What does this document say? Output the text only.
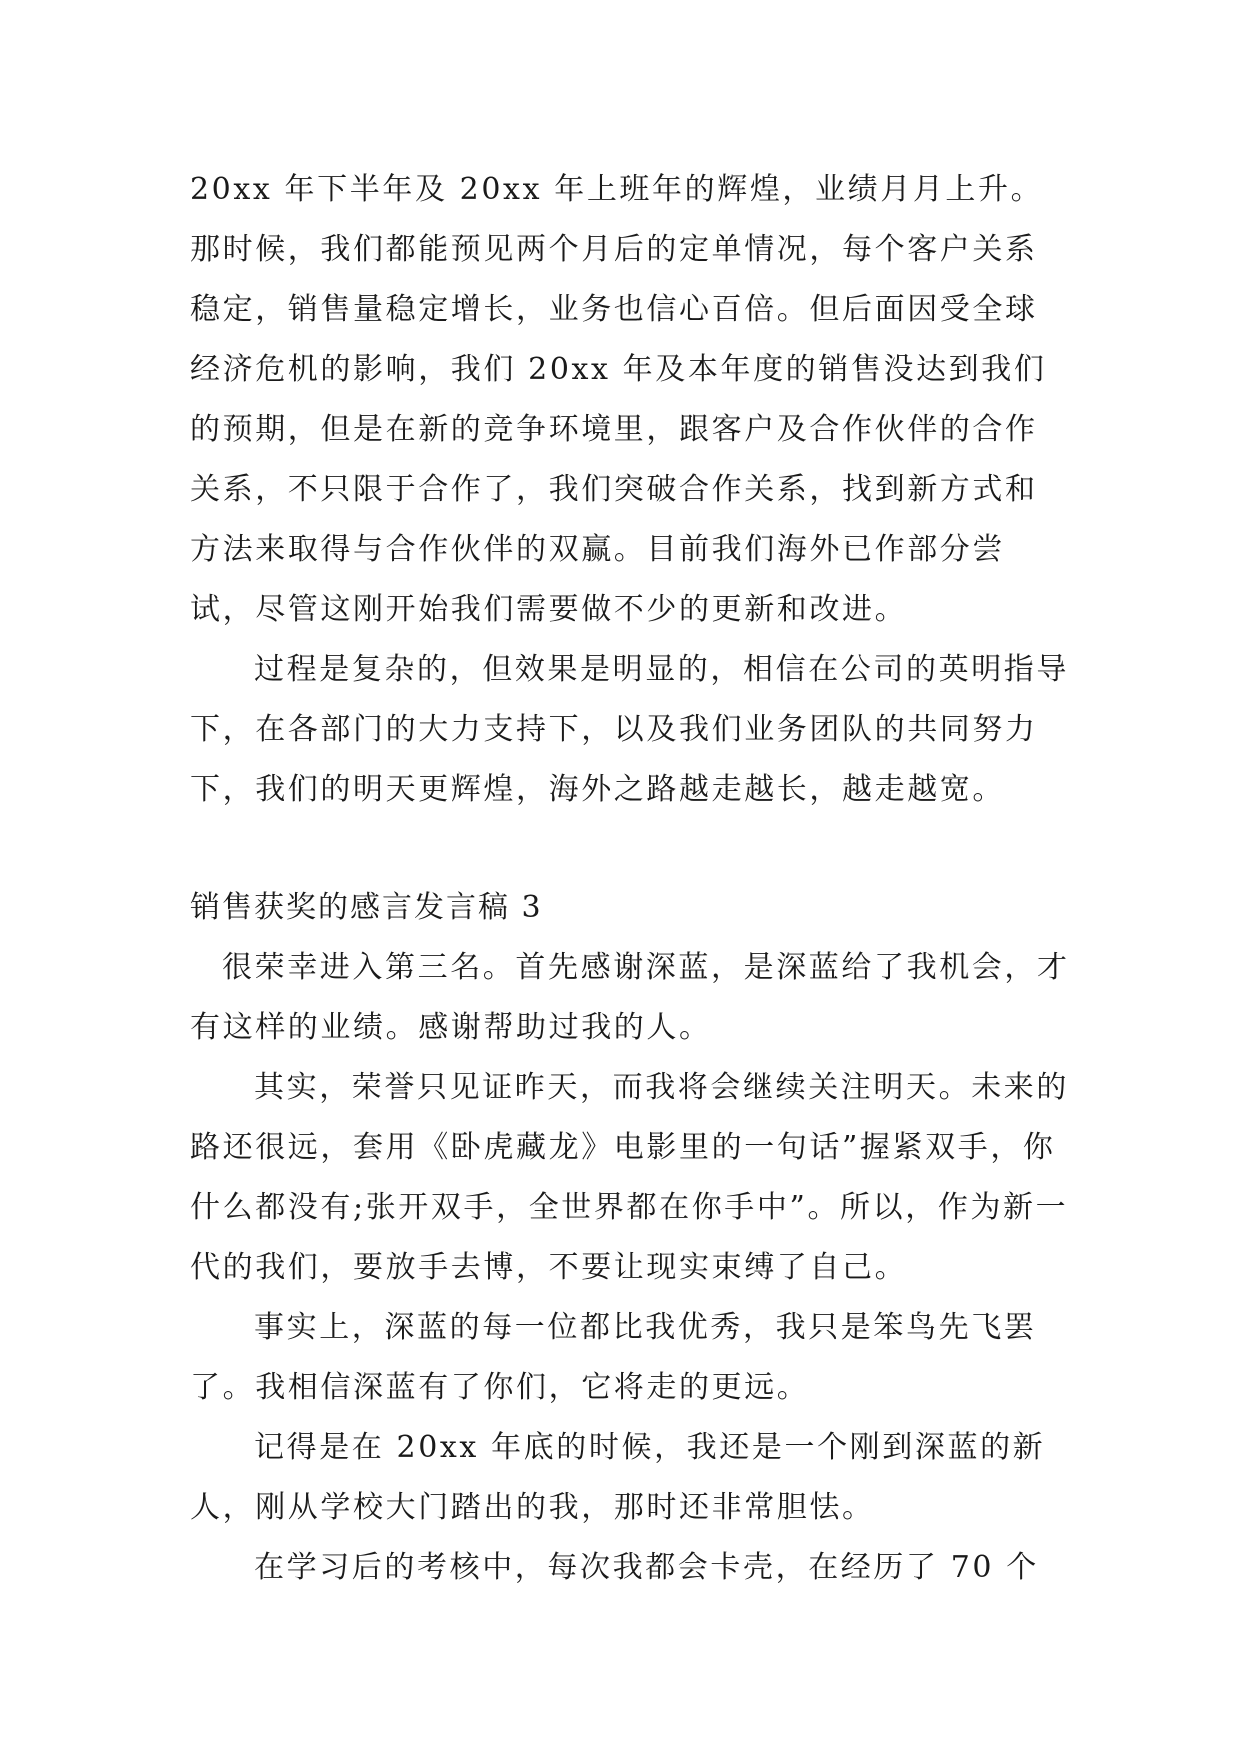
20xx 年下半年及 20xx 年上班年的辉煌，业绩月月上升。那时候，我们都能预见两个月后的定单情况，每个客户关系稳定，销售量稳定增长，业务也信心百倍。但后面因受全球经济危机的影响，我们 20xx 年及本年度的销售没达到我们的预期，但是在新的竞争环境里，跟客户及合作伙伴的合作关系，不只限于合作了，我们突破合作关系，找到新方式和方法来取得与合作伙伴的双赢。目前我们海外已作部分尝试，尽管这刚开始我们需要做不少的更新和改进。

过程是复杂的，但效果是明显的，相信在公司的英明指导下，在各部门的大力支持下，以及我们业务团队的共同努力下，我们的明天更辉煌，海外之路越走越长，越走越宽。

销售获奖的感言发言稿 3

很荣幸进入第三名。首先感谢深蓝，是深蓝给了我机会，才有这样的业绩。感谢帮助过我的人。

其实，荣誉只见证昨天，而我将会继续关注明天。未来的路还很远，套用《卧虎藏龙》电影里的一句话”握紧双手，你什么都没有;张开双手，全世界都在你手中”。所以，作为新一代的我们，要放手去博，不要让现实束缚了自己。

事实上，深蓝的每一位都比我优秀，我只是笨鸟先飞罢了。我相信深蓝有了你们，它将走的更远。

记得是在 20xx 年底的时候，我还是一个刚到深蓝的新人，刚从学校大门踏出的我，那时还非常胆怯。

在学习后的考核中，每次我都会卡壳，在经历了 70 个
